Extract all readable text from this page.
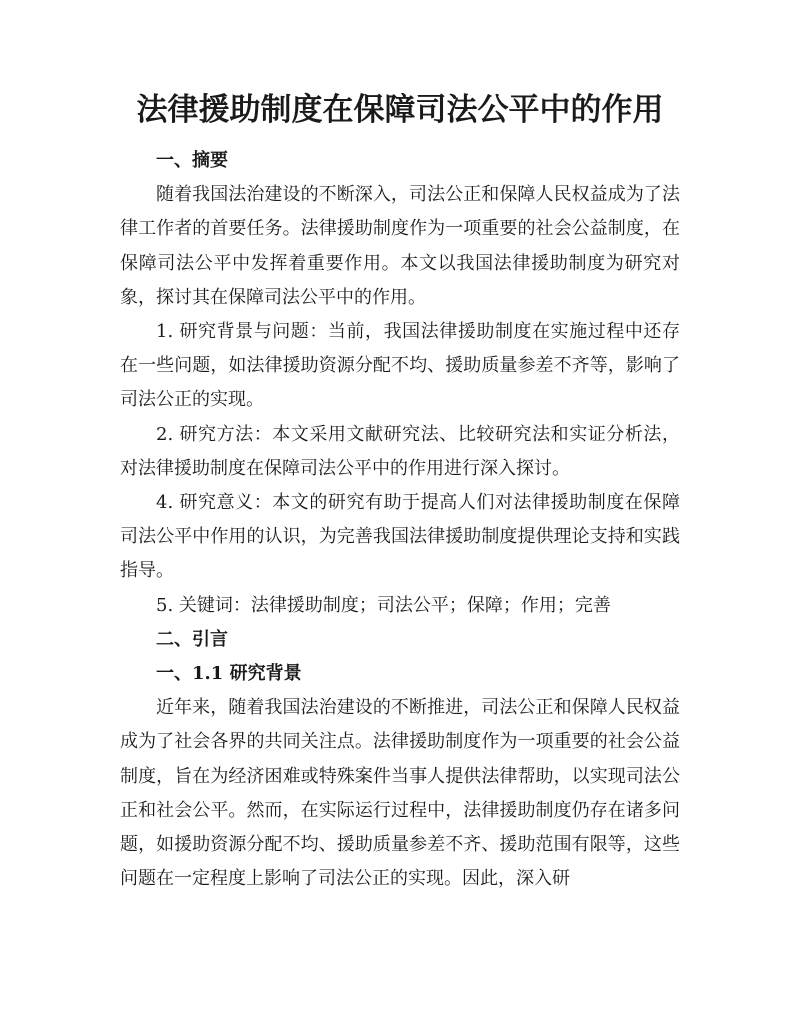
法律援助制度在保障司法公平中的作用

一、摘要

随着我国法治建设的不断深入，司法公正和保障人民权益成为了法律工作者的首要任务。法律援助制度作为一项重要的社会公益制度，在保障司法公平中发挥着重要作用。本文以我国法律援助制度为研究对象，探讨其在保障司法公平中的作用。

1. 研究背景与问题：当前，我国法律援助制度在实施过程中还存在一些问题，如法律援助资源分配不均、援助质量参差不齐等，影响了司法公正的实现。

2. 研究方法：本文采用文献研究法、比较研究法和实证分析法，对法律援助制度在保障司法公平中的作用进行深入探讨。

4. 研究意义：本文的研究有助于提高人们对法律援助制度在保障司法公平中作用的认识，为完善我国法律援助制度提供理论支持和实践指导。

5. 关键词：法律援助制度；司法公平；保障；作用；完善

二、引言

一、1.1 研究背景

近年来，随着我国法治建设的不断推进，司法公正和保障人民权益成为了社会各界的共同关注点。法律援助制度作为一项重要的社会公益制度，旨在为经济困难或特殊案件当事人提供法律帮助，以实现司法公正和社会公平。然而，在实际运行过程中，法律援助制度仍存在诸多问题，如援助资源分配不均、援助质量参差不齐、援助范围有限等，这些问题在一定程度上影响了司法公正的实现。因此，深入研
